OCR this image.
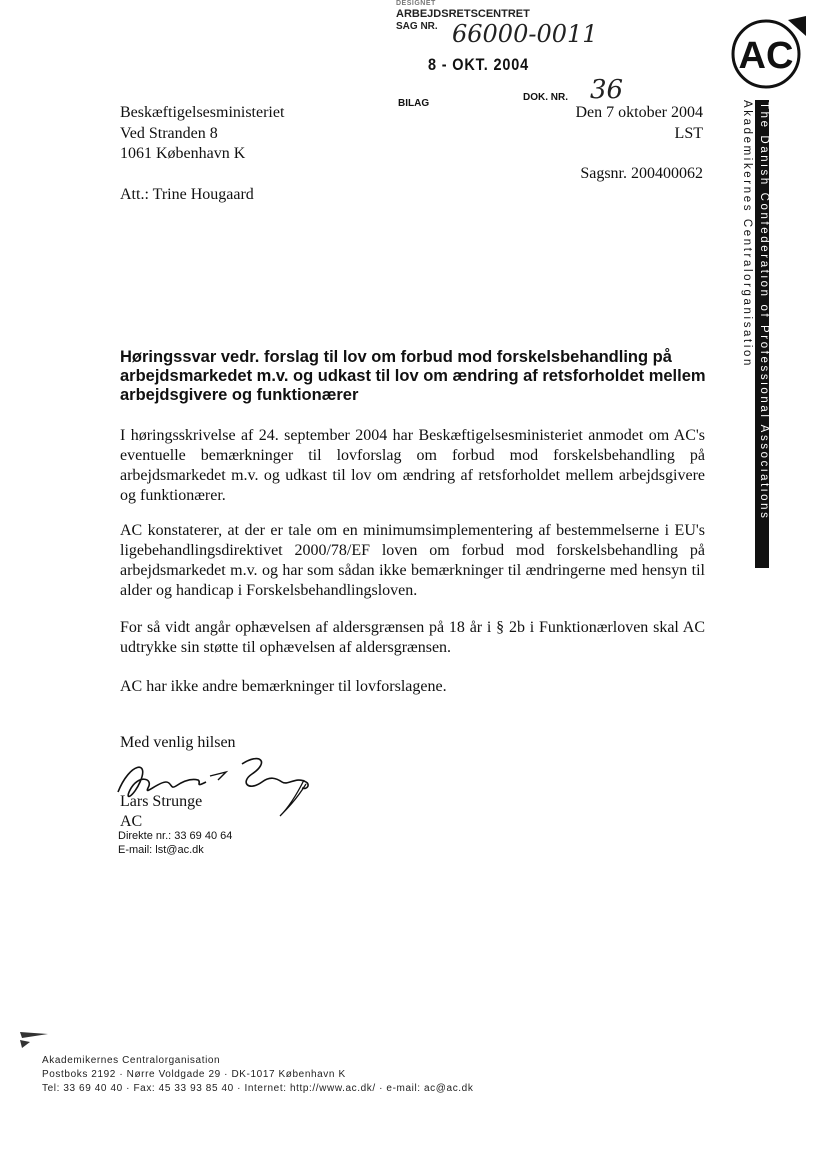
DESIGNET
ARBEJDSRETSCENTRET
SAG NR. 66000-0011
8 - OKT. 2004
BILAG
DOK. NR. 36
AC
The Danish Confederation of Professional Associations
Akademikernes Centralorganisation
Beskæftigelsesministeriet
Ved Stranden 8
1061 København K
Att.: Trine Hougaard
Den 7 oktober 2004
LST
Sagsnr. 200400062
Høringssvar vedr. forslag til lov om forbud mod forskelsbehandling på arbejdsmarkedet m.v. og udkast til lov om ændring af retsforholdet mellem arbejdsgivere og funktionærer
I høringsskrivelse af 24. september 2004 har Beskæftigelsesministeriet anmodet om AC's eventuelle bemærkninger til lovforslag om forbud mod forskelsbehandling på arbejdsmarkedet m.v. og udkast til lov om ændring af retsforholdet mellem arbejdsgivere og funktionærer.
AC konstaterer, at der er tale om en minimumsimplementering af bestemmelserne i EU's ligebehandlingsdirektivet 2000/78/EF loven om forbud mod forskelsbehandling på arbejdsmarkedet m.v. og har som sådan ikke bemærkninger til ændringerne med hensyn til alder og handicap i Forskelsbehandlingsloven.
For så vidt angår ophævelsen af aldersgrænsen på 18 år i § 2b i Funktionærloven skal AC udtrykke sin støtte til ophævelsen af aldersgrænsen.
AC har ikke andre bemærkninger til lovforslagene.
Med venlig hilsen
Lars Strunge
AC
Direkte nr.: 33 69 40 64
E-mail: lst@ac.dk
Akademikernes Centralorganisation
Postboks 2192 · Nørre Voldgade 29 · DK-1017 København K
Tel: 33 69 40 40 · Fax: 45 33 93 85 40 · Internet: http://www.ac.dk/ · e-mail: ac@ac.dk
